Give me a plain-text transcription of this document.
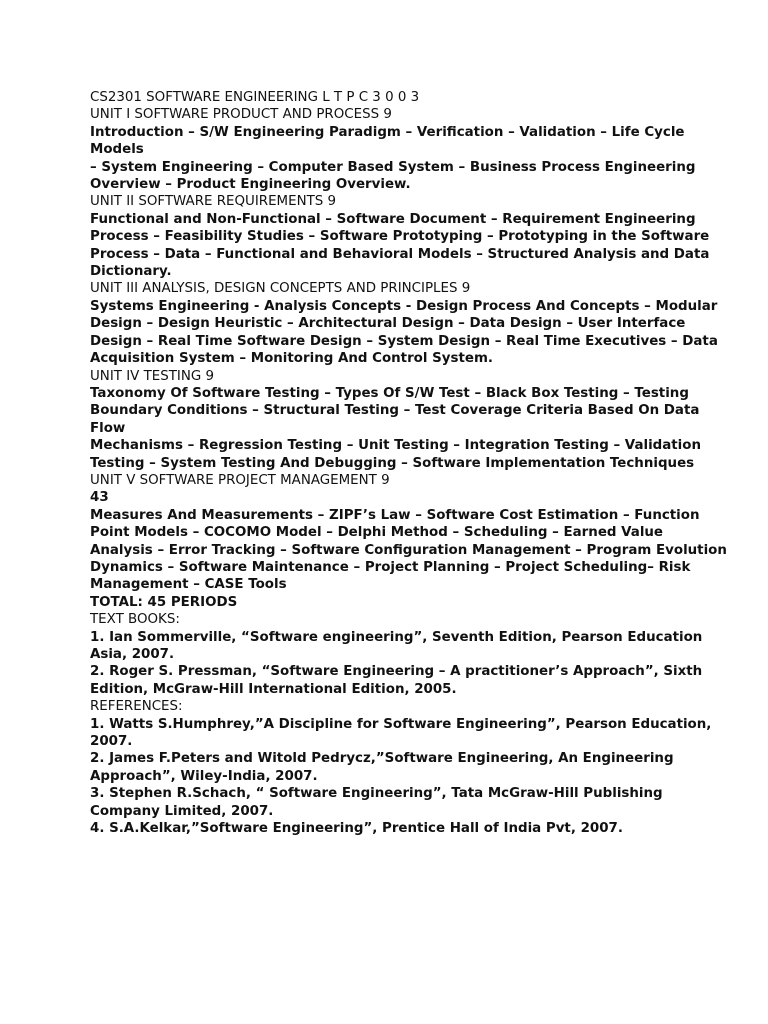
CS2301 SOFTWARE ENGINEERING L T P C 3 0 0 3
UNIT I SOFTWARE PRODUCT AND PROCESS 9
Introduction – S/W Engineering Paradigm – Verification – Validation – Life Cycle
Models
– System Engineering – Computer Based System – Business Process Engineering
Overview – Product Engineering Overview.
UNIT II SOFTWARE REQUIREMENTS 9
Functional and Non-Functional – Software Document – Requirement Engineering
Process – Feasibility Studies – Software Prototyping – Prototyping in the Software
Process – Data – Functional and Behavioral Models – Structured Analysis and Data
Dictionary.
UNIT III ANALYSIS, DESIGN CONCEPTS AND PRINCIPLES 9
Systems Engineering - Analysis Concepts - Design Process And Concepts – Modular
Design – Design Heuristic – Architectural Design – Data Design – User Interface
Design – Real Time Software Design – System Design – Real Time Executives – Data
Acquisition System – Monitoring And Control System.
UNIT IV TESTING 9
Taxonomy Of Software Testing – Types Of S/W Test – Black Box Testing – Testing
Boundary Conditions – Structural Testing – Test Coverage Criteria Based On Data
Flow
Mechanisms – Regression Testing – Unit Testing – Integration Testing – Validation
Testing – System Testing And Debugging – Software Implementation Techniques
UNIT V SOFTWARE PROJECT MANAGEMENT 9
43
Measures And Measurements – ZIPF’s Law – Software Cost Estimation – Function
Point Models – COCOMO Model – Delphi Method – Scheduling – Earned Value
Analysis – Error Tracking – Software Configuration Management – Program Evolution
Dynamics – Software Maintenance – Project Planning – Project Scheduling– Risk
Management – CASE Tools
TOTAL: 45 PERIODS
TEXT BOOKS:
1. Ian Sommerville, “Software engineering”, Seventh Edition, Pearson Education
Asia, 2007.
2. Roger S. Pressman, “Software Engineering – A practitioner’s Approach”, Sixth
Edition, McGraw-Hill International Edition, 2005.
REFERENCES:
1. Watts S.Humphrey,”A Discipline for Software Engineering”, Pearson Education,
2007.
2. James F.Peters and Witold Pedrycz,”Software Engineering, An Engineering
Approach”, Wiley-India, 2007.
3. Stephen R.Schach, “ Software Engineering”, Tata McGraw-Hill Publishing
Company Limited, 2007.
4. S.A.Kelkar,”Software Engineering”, Prentice Hall of India Pvt, 2007.
